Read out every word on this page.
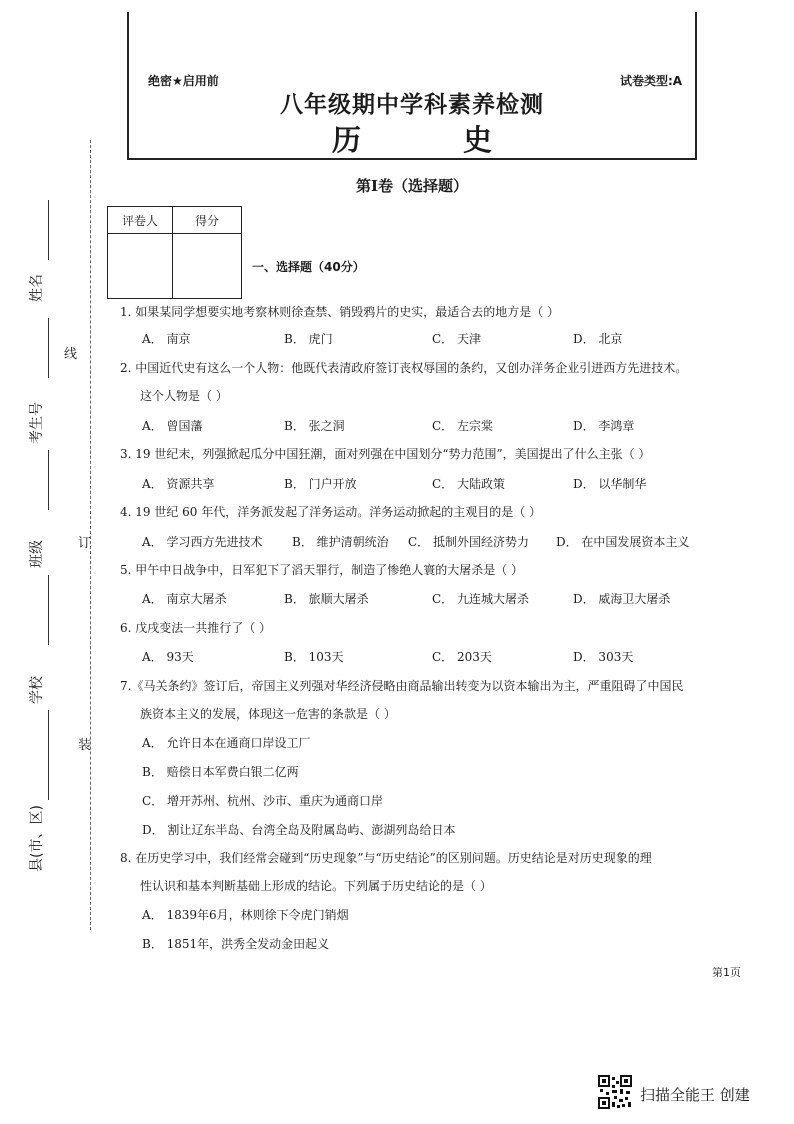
绝密★启用前	试卷类型:A
八年级期中学科素养检测
历 史
第I卷（选择题）
评卷人	得分

一、选择题（40分）
姓名
考生号
班级
学校
县(市、区)
线
订
装
1. 如果某同学想要实地考察林则徐查禁、销毁鸦片的史实，最适合去的地方是（ ）
A． 南京	B． 虎门	C． 天津	D． 北京
2. 中国近代史有这么一个人物：他既代表清政府签订丧权辱国的条约，又创办洋务企业引进西方先进技术。
这个人物是（ ）
A． 曾国藩	B． 张之洞	C． 左宗棠	D． 李鸿章
3. 19 世纪末，列强掀起瓜分中国狂潮，面对列强在中国划分“势力范围”，美国提出了什么主张（ ）
A． 资源共享	B． 门户开放	C． 大陆政策	D． 以华制华
4. 19 世纪 60 年代，洋务派发起了洋务运动。洋务运动掀起的主观目的是（ ）
A． 学习西方先进技术 B． 维护清朝统治 C． 抵制外国经济势力 D． 在中国发展资本主义
5. 甲午中日战争中，日军犯下了滔天罪行，制造了惨绝人寰的大屠杀是（ ）
A． 南京大屠杀	B． 旅顺大屠杀	C． 九连城大屠杀	D． 威海卫大屠杀
6. 戊戌变法一共推行了（ ）
A． 93天	B． 103天	C． 203天	D． 303天
7.《马关条约》签订后，帝国主义列强对华经济侵略由商品输出转变为以资本输出为主，严重阻碍了中国民
族资本主义的发展，体现这一危害的条款是（ ）
A． 允许日本在通商口岸设工厂
B． 赔偿日本军费白银二亿两
C． 增开苏州、杭州、沙市、重庆为通商口岸
D． 割让辽东半岛、台湾全岛及附属岛屿、澎湖列岛给日本
8. 在历史学习中，我们经常会碰到“历史现象”与“历史结论”的区别问题。历史结论是对历史现象的理
性认识和基本判断基础上形成的结论。下列属于历史结论的是（ ）
A． 1839年6月，林则徐下令虎门销烟
B． 1851年，洪秀全发动金田起义
第1页
扫描全能王 创建
